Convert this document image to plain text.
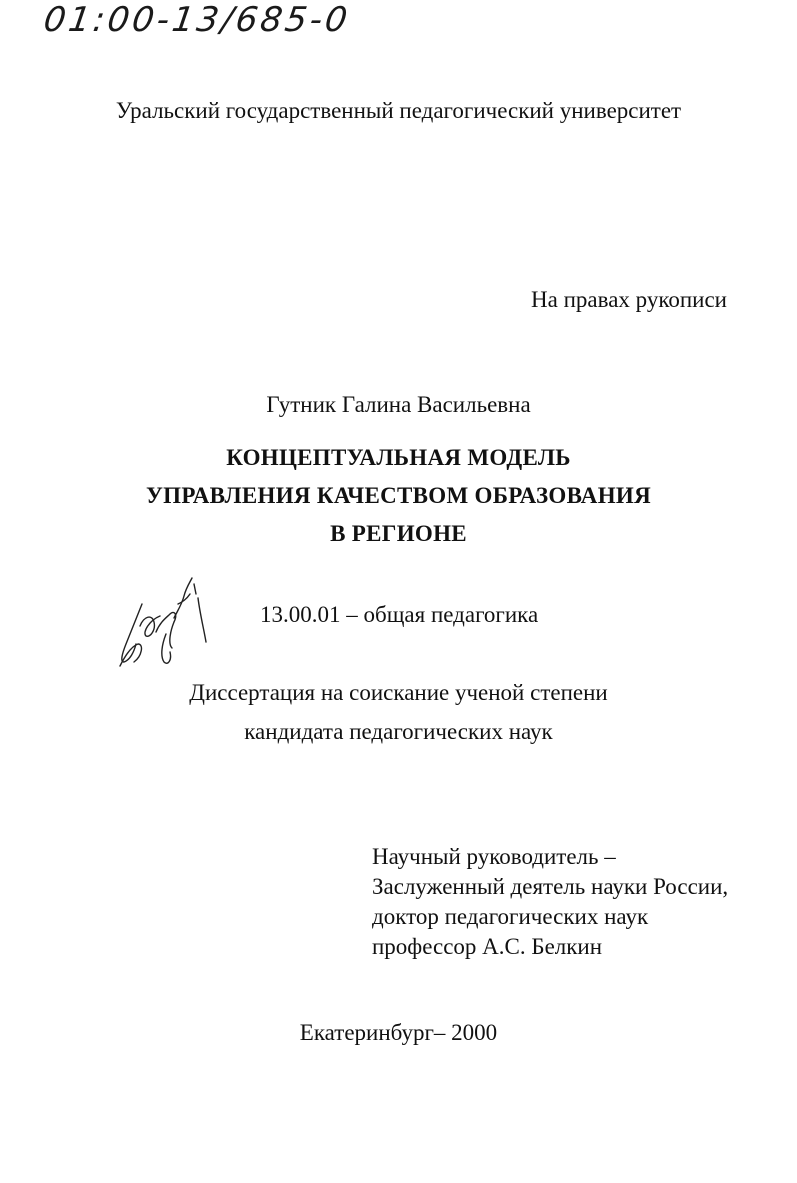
01:00-13/685-0
Уральский государственный педагогический университет
На правах рукописи
Гутник Галина Васильевна
КОНЦЕПТУАЛЬНАЯ МОДЕЛЬ
УПРАВЛЕНИЯ КАЧЕСТВОМ ОБРАЗОВАНИЯ
В РЕГИОНЕ
13.00.01 – общая педагогика
Диссертация на соискание ученой степени
кандидата педагогических наук
Научный руководитель –
Заслуженный деятель науки России,
доктор педагогических наук
профессор А.С. Белкин
Екатеринбург– 2000
